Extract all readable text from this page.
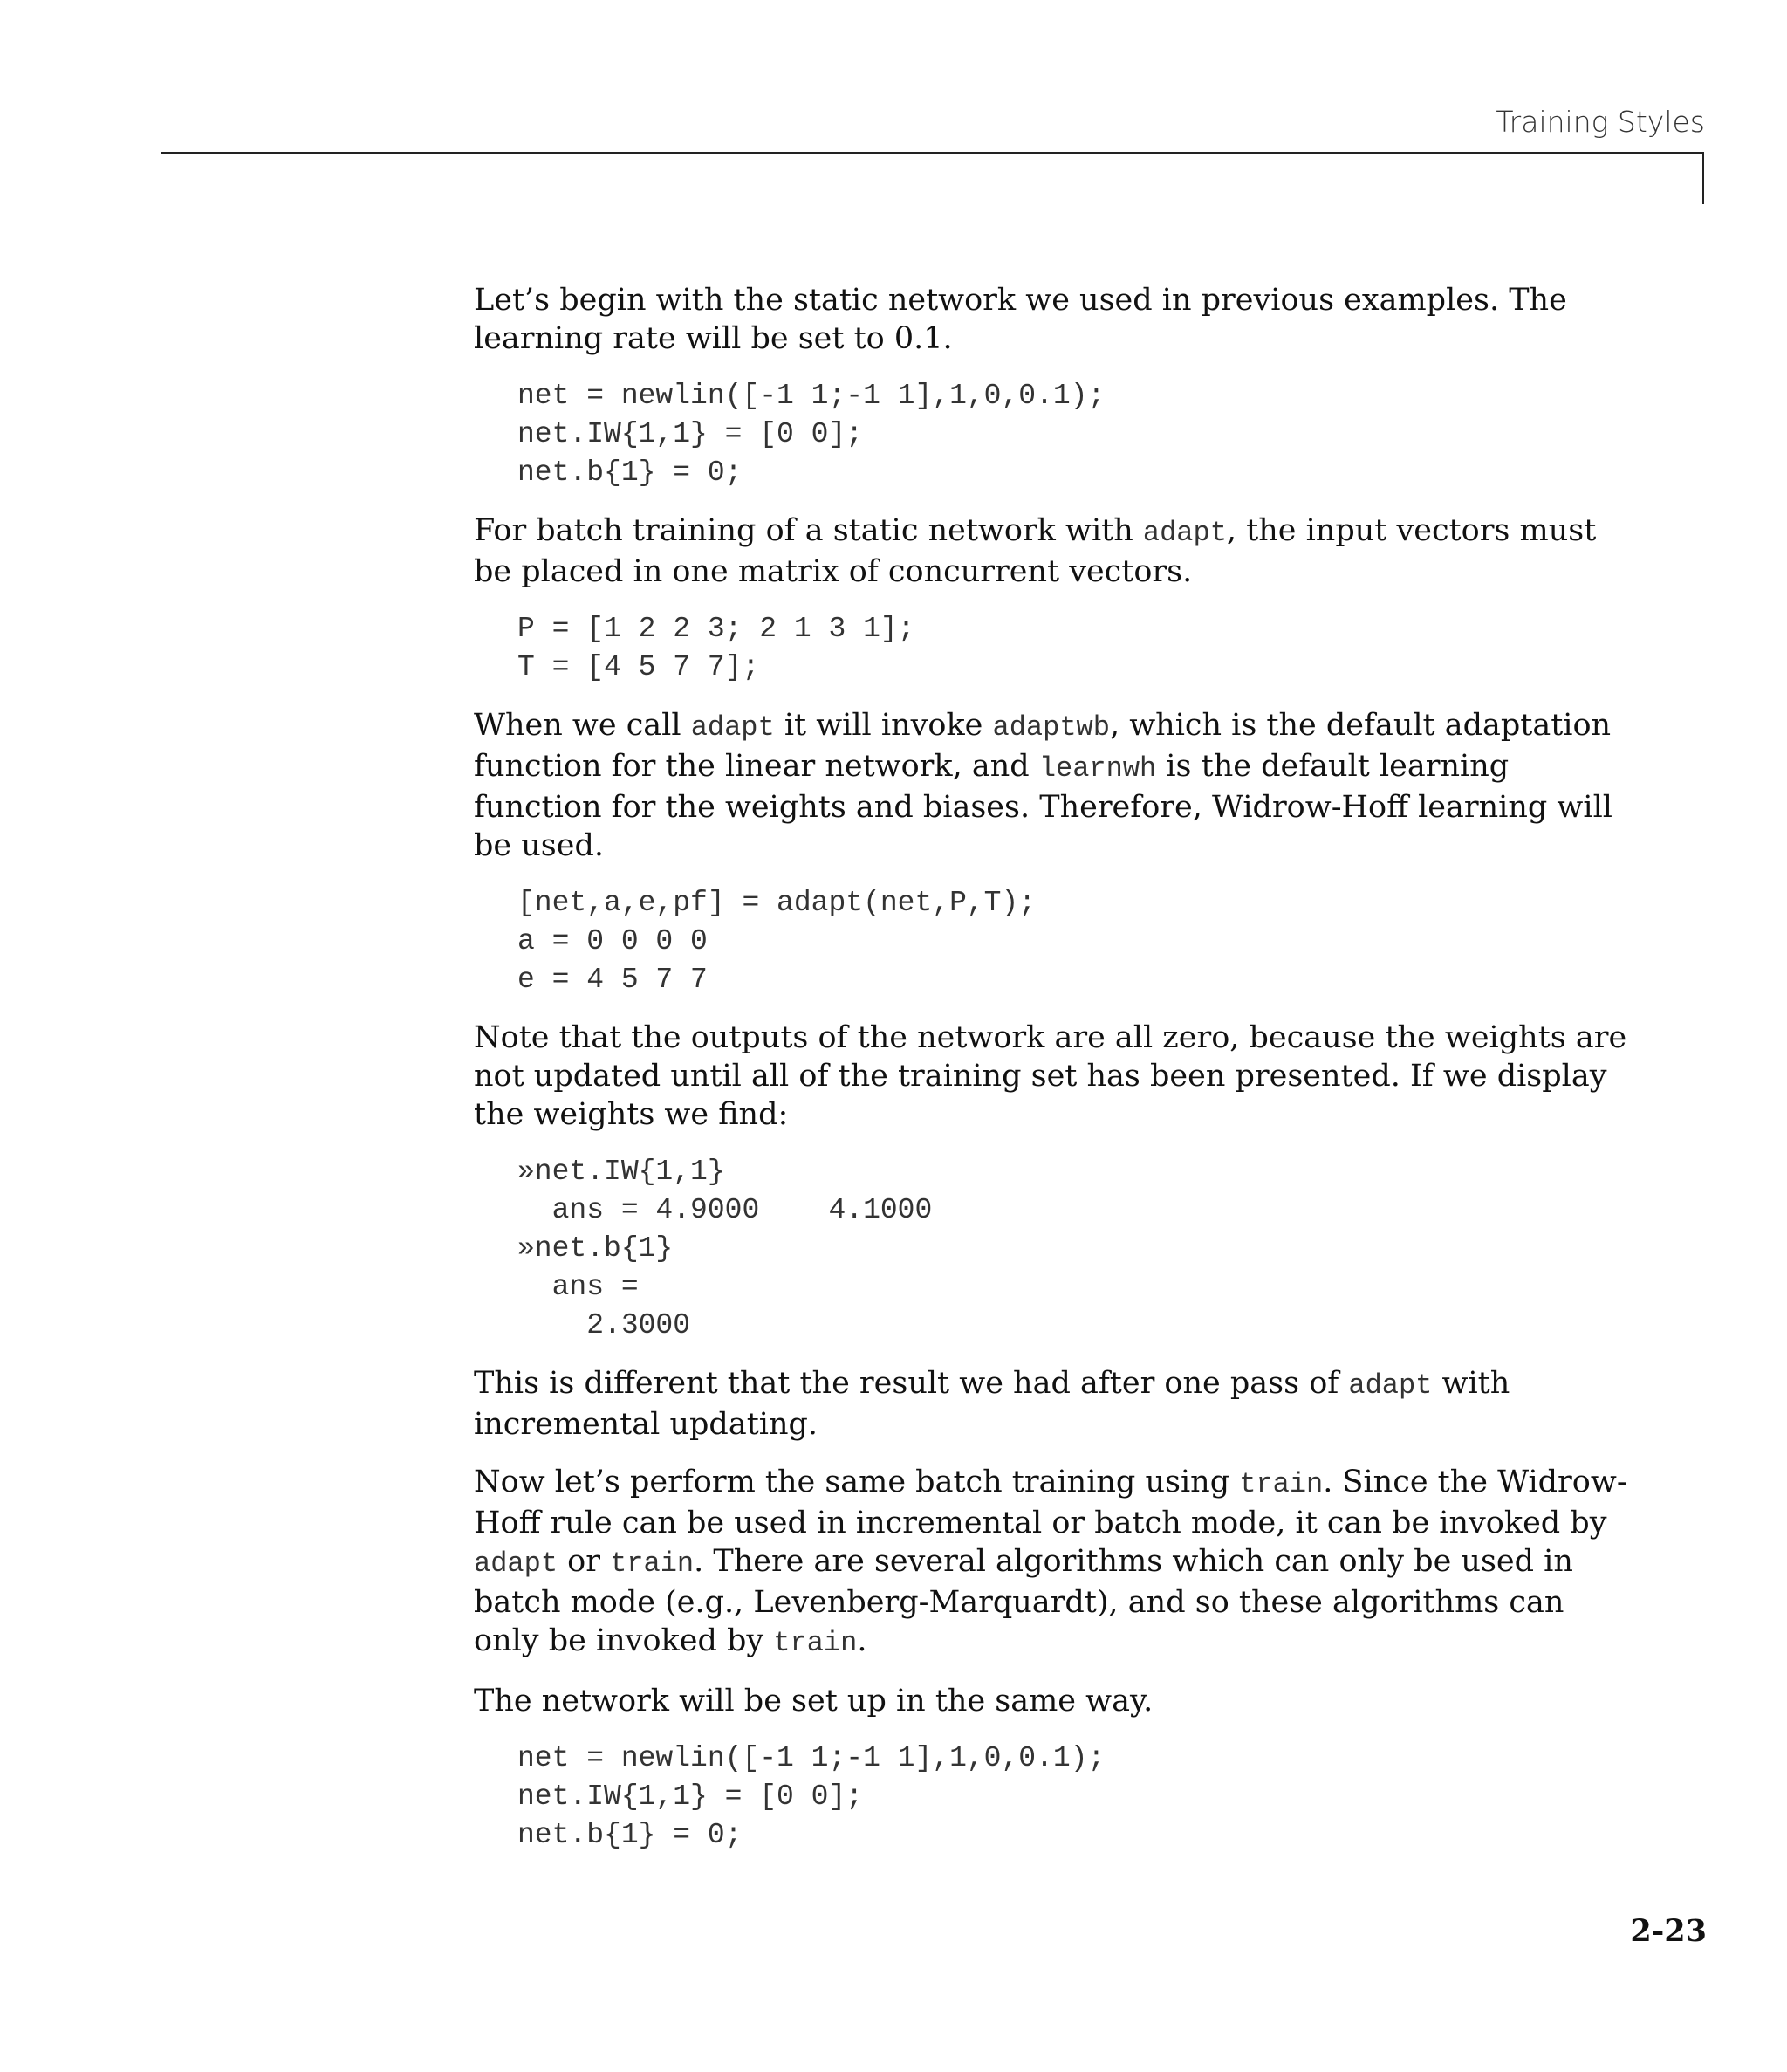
Training Styles

Let’s begin with the static network we used in previous examples. The learning rate will be set to 0.1.

net = newlin([-1 1;-1 1],1,0,0.1);
net.IW{1,1} = [0 0];
net.b{1} = 0;

For batch training of a static network with adapt, the input vectors must be placed in one matrix of concurrent vectors.

P = [1 2 2 3; 2 1 3 1];
T = [4 5 7 7];

When we call adapt it will invoke adaptwb, which is the default adaptation function for the linear network, and learnwh is the default learning function for the weights and biases. Therefore, Widrow-Hoff learning will be used.

[net,a,e,pf] = adapt(net,P,T);
a = 0 0 0 0
e = 4 5 7 7

Note that the outputs of the network are all zero, because the weights are not updated until all of the training set has been presented. If we display the weights we find:

»net.IW{1,1}
ans = 4.9000    4.1000
»net.b{1}
ans =
2.3000

This is different that the result we had after one pass of adapt with incremental updating.

Now let’s perform the same batch training using train. Since the Widrow-Hoff rule can be used in incremental or batch mode, it can be invoked by adapt or train. There are several algorithms which can only be used in batch mode (e.g., Levenberg-Marquardt), and so these algorithms can only be invoked by train.

The network will be set up in the same way.

net = newlin([-1 1;-1 1],1,0,0.1);
net.IW{1,1} = [0 0];
net.b{1} = 0;
2-23
